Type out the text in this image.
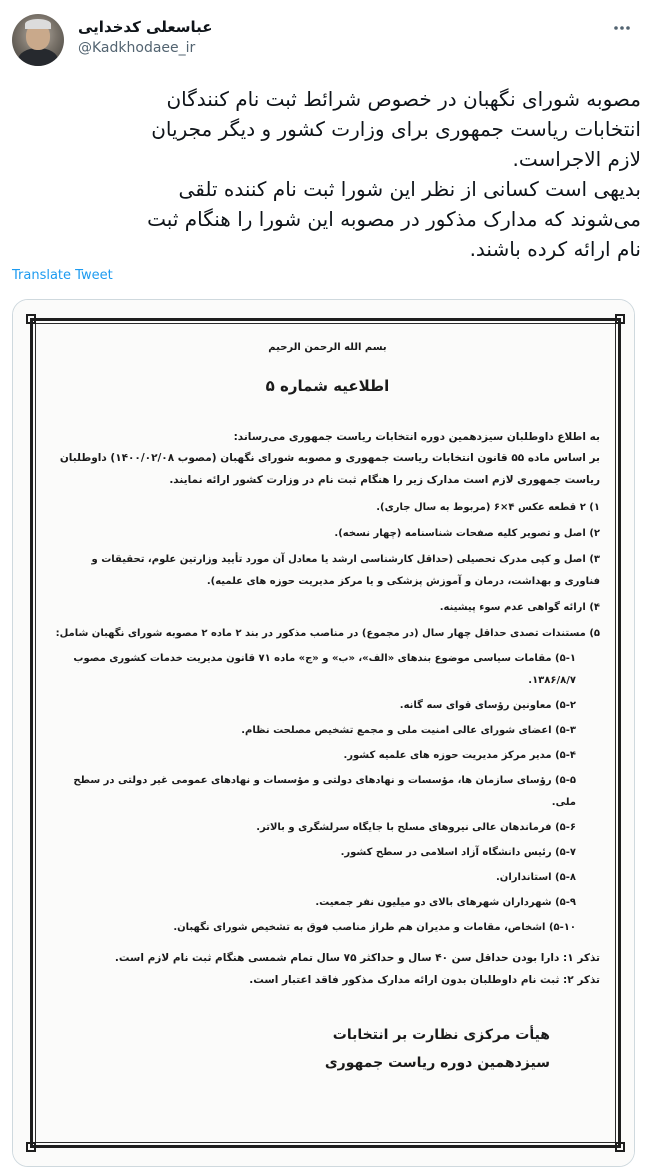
عباسعلی کدخدایی
@Kadkhodaee_ir
مصوبه شورای نگهبان در خصوص شرائط ثبت نام کنندگان
انتخابات ریاست جمهوری برای وزارت کشور و دیگر مجریان
لازم الاجراست.
بدیهی است کسانی از نظر این شورا ثبت نام کننده تلقی
می‌شوند که مدارک مذکور در مصوبه این شورا را هنگام ثبت
نام ارائه کرده باشند.
Translate Tweet
بسم الله الرحمن الرحیم
اطلاعیه شماره ۵
به اطلاع داوطلبان سیزدهمین دوره انتخابات ریاست جمهوری می‌رساند:
بر اساس ماده ۵۵ قانون انتخابات ریاست جمهوری و مصوبه شورای نگهبان (مصوب ۱۴۰۰/۰۲/۰۸) داوطلبان ریاست جمهوری لازم است مدارک زیر را هنگام ثبت نام در وزارت کشور ارائه نمایند.
۱) ۲ قطعه عکس ۴×۶ (مربوط به سال جاری).
۲) اصل و تصویر کلیه صفحات شناسنامه (چهار نسخه).
۳) اصل و کپی مدرک تحصیلی (حداقل کارشناسی ارشد یا معادل آن مورد تأیید وزارتین علوم، تحقیقات و فناوری و بهداشت، درمان و آموزش پزشکی و یا مرکز مدیریت حوزه های علمیه).
۴) ارائه گواهی عدم سوء پیشینه.
۵) مستندات تصدی حداقل چهار سال (در مجموع) در مناصب مذکور در بند ۲ ماده ۲ مصوبه شورای نگهبان شامل:
۵-۱) مقامات سیاسی موضوع بندهای «الف»، «ب» و «ج» ماده ۷۱ قانون مدیریت خدمات کشوری مصوب ۱۳۸۶/۸/۷.
۵-۲) معاونین رؤسای قوای سه گانه.
۵-۳) اعضای شورای عالی امنیت ملی و مجمع تشخیص مصلحت نظام.
۵-۴) مدیر مرکز مدیریت حوزه های علمیه کشور.
۵-۵) رؤسای سازمان ها، مؤسسات و نهادهای دولتی و مؤسسات و نهادهای عمومی غیر دولتی در سطح ملی.
۵-۶) فرماندهان عالی نیروهای مسلح با جایگاه سرلشگری و بالاتر.
۵-۷) رئیس دانشگاه آزاد اسلامی در سطح کشور.
۵-۸) استانداران.
۵-۹) شهرداران شهرهای بالای دو میلیون نفر جمعیت.
۵-۱۰) اشخاص، مقامات و مدیران هم طراز مناصب فوق به تشخیص شورای نگهبان.
تذکر ۱: دارا بودن حداقل سن ۴۰ سال و حداکثر ۷۵ سال تمام شمسی هنگام ثبت نام لازم است.
تذکر ۲: ثبت نام داوطلبان بدون ارائه مدارک مذکور فاقد اعتبار است.
هیأت مرکزی نظارت بر انتخابات
سیزدهمین دوره ریاست جمهوری
